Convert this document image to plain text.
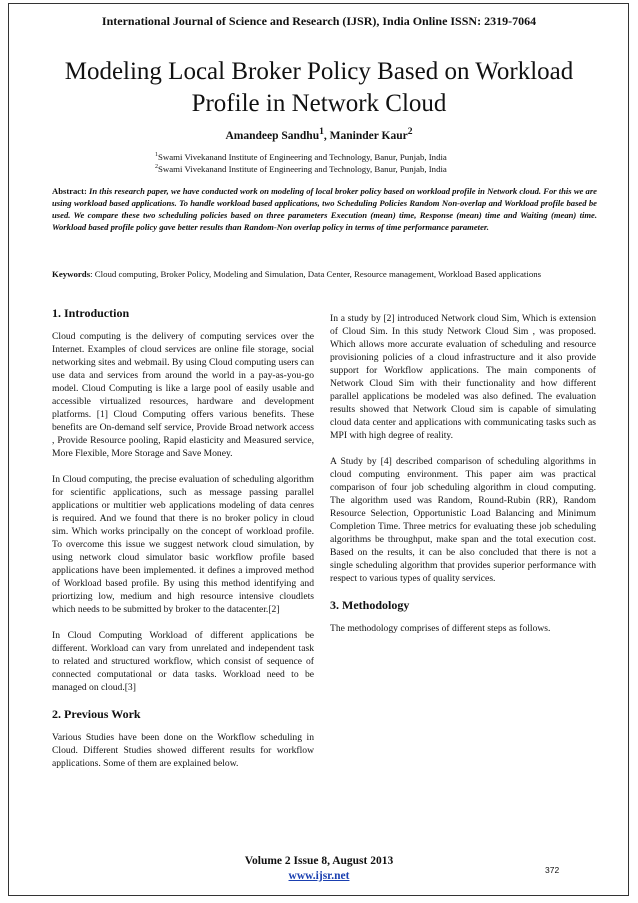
International Journal of Science and Research (IJSR), India Online ISSN: 2319-7064
Modeling Local Broker Policy Based on Workload
Profile in Network Cloud
Amandeep Sandhu$^1$, Maninder Kaur$^2$
$^1$Swami Vivekanand Institute of Engineering and Technology, Banur, Punjab, India
$^2$Swami Vivekanand Institute of Engineering and Technology, Banur, Punjab, India
Abstract: In this research paper, we have conducted work on modeling of local broker policy based on workload profile in Network cloud. For this we are using workload based applications. To handle workload based applications, two Scheduling Policies Random Non-overlap and Workload profile based be used. We compare these two scheduling policies based on three parameters Execution (mean) time, Response (mean) time and Waiting (mean) time. Workload based profile policy gave better results than Random-Non overlap policy in terms of time performance parameter.
Keywords: Cloud computing, Broker Policy, Modeling and Simulation, Data Center, Resource management, Workload Based applications
1. Introduction

Cloud computing is the delivery of computing services over the Internet. Examples of cloud services are online file storage, social networking sites and webmail. By using Cloud computing users can use data and services from around the world in a pay-as-you-go model. Cloud Computing is like a large pool of easily usable and accessible virtualized resources, hardware and development platforms. [1] Cloud Computing offers various benefits. These benefits are On-demand self service, Provide Broad network access , Provide Resource pooling, Rapid elasticity and Measured service, More Flexible, More Storage and Save Money.

In Cloud computing, the precise evaluation of scheduling algorithm for scientific applications, such as message passing parallel applications or multitier web applications modeling of data cenres is required. And we found that there is no broker policy in cloud sim. Which works principally on the concept of workload profile. To overcome this issue we suggest network cloud simulation, by using network cloud simulator basic workflow profile based applications have been implemented. it defines a improved method of Workload based profile. By using this method identifying and priortizing low, medium and high resource intensive cloudlets which needs to be submitted by broker to the datacenter.[2]

In Cloud Computing Workload of different applications be different. Workload can vary from unrelated and independent task to related and structured workflow, which consist of sequence of connected computational or data tasks. Workload need to be managed on cloud.[3]

2. Previous Work

Various Studies have been done on the Workflow scheduling in Cloud. Different Studies showed different results for workflow applications. Some of them are explained below.

In a study by [2] introduced Network cloud Sim, Which is extension of Cloud Sim. In this study Network Cloud Sim , was proposed. Which allows more accurate evaluation of scheduling and resource provisioning policies of a cloud infrastructure and it also provide support for Workflow applications. The main components of Network Cloud Sim with their functionality and how different parallel applications be modeled was also defined. The evaluation results showed that Network Cloud sim is capable of simulating cloud data center and applications with communicating tasks such as MPI with high degree of reality.

A Study by [4] described comparison of scheduling algorithms in cloud computing environment. This paper aim was practical comparison of four job scheduling algorithm in cloud computing. The algorithm used was Random, Round-Rubin (RR), Random Resource Selection, Opportunistic Load Balancing and Minimum Completion Time. Three metrics for evaluating these job scheduling algorithms be throughput, make span and the total execution cost. Based on the results, it can be also concluded that there is not a single scheduling algorithm that provides superior performance with respect to various types of quality services.

3. Methodology

The methodology comprises of different steps as follows.

Volume 2 Issue 8, August 2013
www.ijsr.net	372
